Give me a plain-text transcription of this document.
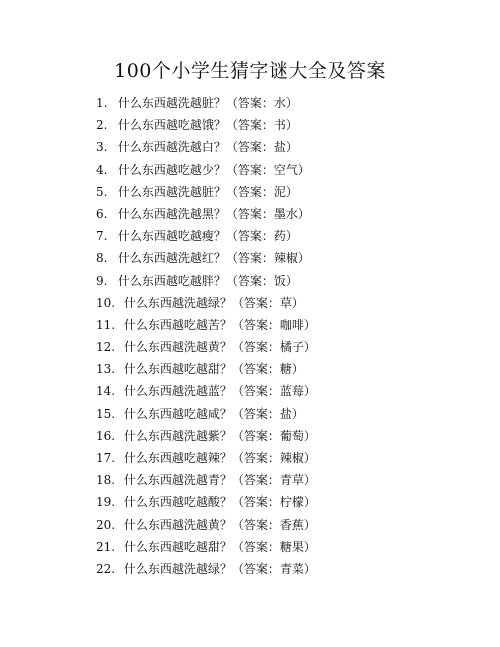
100个小学生猜字谜大全及答案
1. 什么东西越洗越脏？（答案：水）
2. 什么东西越吃越饿？（答案：书）
3. 什么东西越洗越白？（答案：盐）
4. 什么东西越吃越少？（答案：空气）
5. 什么东西越洗越脏？（答案：泥）
6. 什么东西越洗越黑？（答案：墨水）
7. 什么东西越吃越瘦？（答案：药）
8. 什么东西越洗越红？（答案：辣椒）
9. 什么东西越吃越胖？（答案：饭）
10. 什么东西越洗越绿？（答案：草）
11. 什么东西越吃越苦？（答案：咖啡）
12. 什么东西越洗越黄？（答案：橘子）
13. 什么东西越吃越甜？（答案：糖）
14. 什么东西越洗越蓝？（答案：蓝莓）
15. 什么东西越吃越咸？（答案：盐）
16. 什么东西越洗越紫？（答案：葡萄）
17. 什么东西越吃越辣？（答案：辣椒）
18. 什么东西越洗越青？（答案：青草）
19. 什么东西越吃越酸？（答案：柠檬）
20. 什么东西越洗越黄？（答案：香蕉）
21. 什么东西越吃越甜？（答案：糖果）
22. 什么东西越洗越绿？（答案：青菜）
